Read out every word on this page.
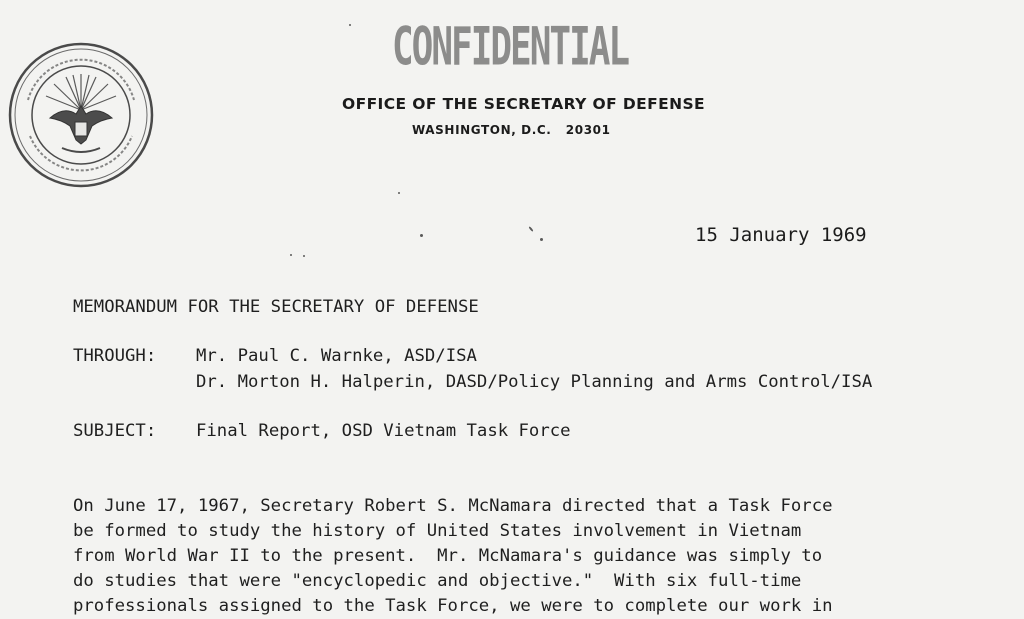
CONFIDENTIAL
OFFICE OF THE SECRETARY OF DEFENSE
WASHINGTON, D.C.   20301
15 January 1969
MEMORANDUM FOR THE SECRETARY OF DEFENSE
THROUGH: Mr. Paul C. Warnke, ASD/ISA
Dr. Morton H. Halperin, DASD/Policy Planning and Arms Control/ISA
SUBJECT: Final Report, OSD Vietnam Task Force
On June 17, 1967, Secretary Robert S. McNamara directed that a Task Force
be formed to study the history of United States involvement in Vietnam
from World War II to the present.  Mr. McNamara's guidance was simply to
do studies that were "encyclopedic and objective."  With six full-time
professionals assigned to the Task Force, we were to complete our work in
